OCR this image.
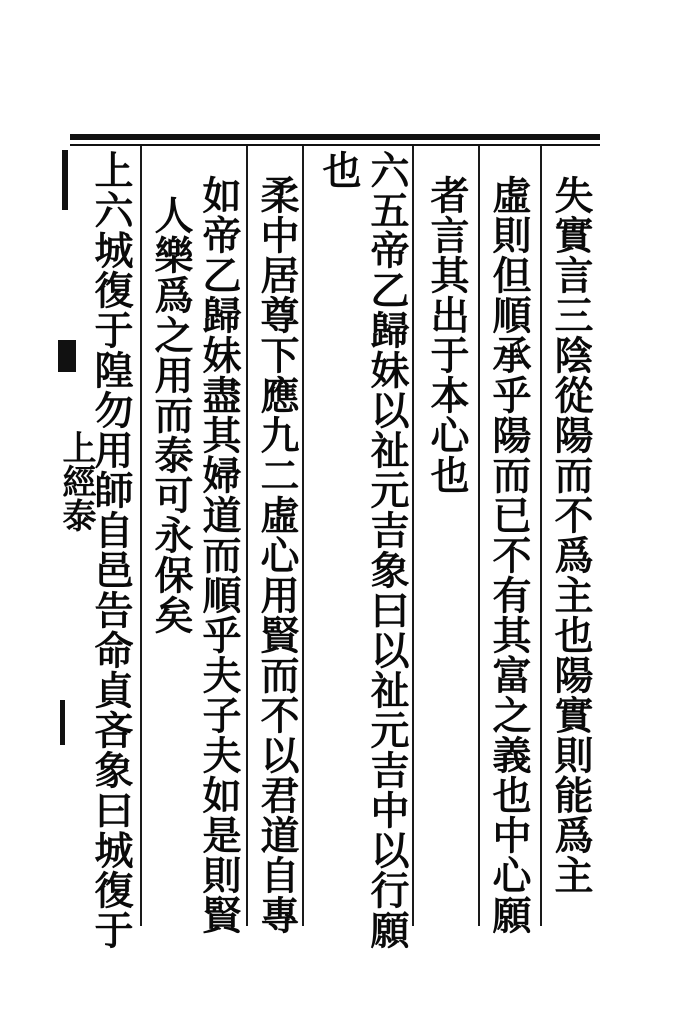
上經泰	失實言三陰從陽而不爲主也陽實則能爲主
虛則但順承乎陽而已不有其富之義也中心願
者言其出于本心也
六五帝乙歸妹以祉元吉象曰以祉元吉中以行願
也
柔中居尊下應九二虛心用賢而不以君道自專
如帝乙歸妹盡其婦道而順乎夫子夫如是則賢
人樂爲之用而泰可永保矣
上六城復于隍勿用師自邑告命貞吝象曰城復于
